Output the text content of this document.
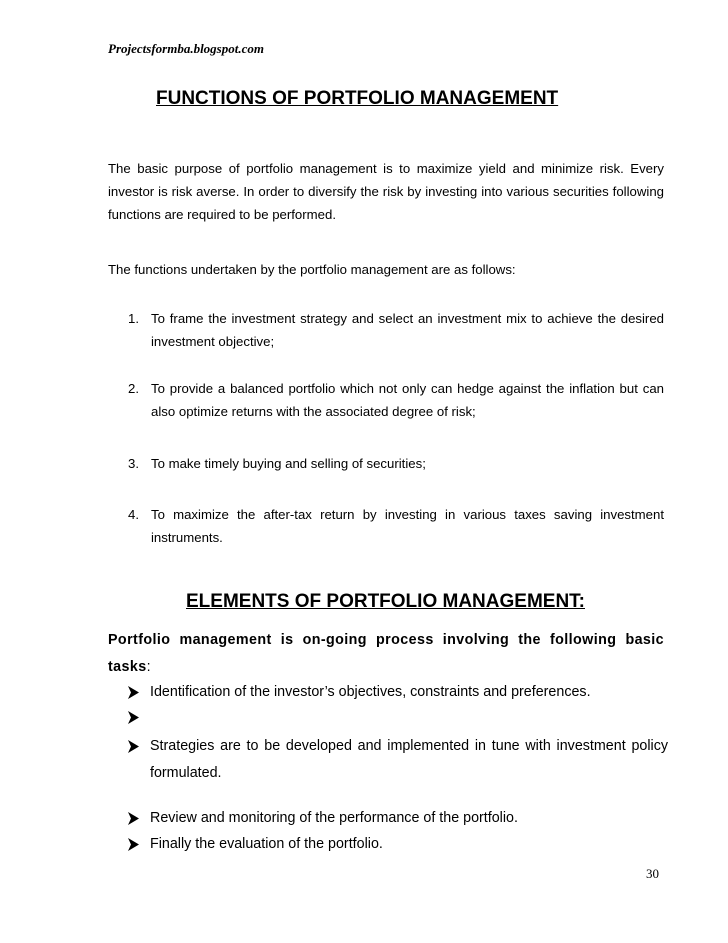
Projectsformba.blogspot.com
FUNCTIONS OF PORTFOLIO MANAGEMENT
The basic purpose of portfolio management is to maximize yield and minimize risk. Every investor is risk averse. In order to diversify the risk by investing into various securities following functions are required to be performed.
The functions undertaken by the portfolio management are as follows:
1. To frame the investment strategy and select an investment mix to achieve the desired investment objective;
2. To provide a balanced portfolio which not only can hedge against the inflation but can also optimize returns with the associated degree of risk;
3. To make timely buying and selling of securities;
4. To maximize the after-tax return by investing in various taxes saving investment instruments.
ELEMENTS OF PORTFOLIO MANAGEMENT:
Portfolio management is on-going process involving the following basic
tasks:
Identification of the investor’s objectives, constraints and preferences.
Strategies are to be developed and implemented in tune with investment policy formulated.
Review and monitoring of the performance of the portfolio.
Finally the evaluation of the portfolio.
30
